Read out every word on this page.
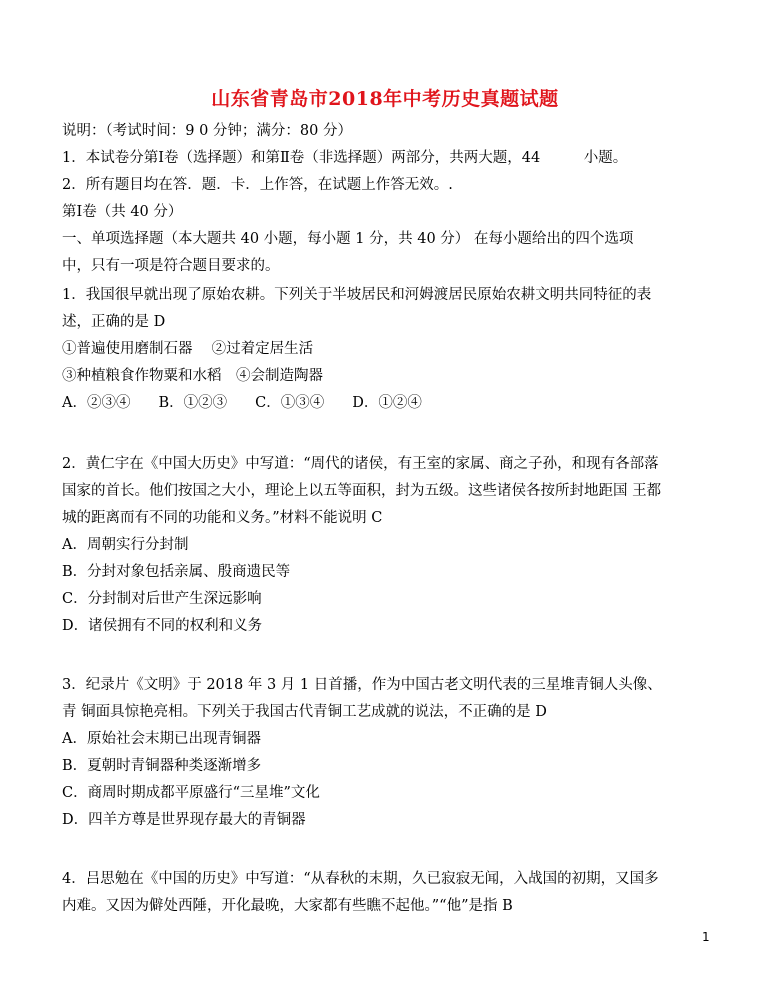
山东省青岛市2018年中考历史真题试题
说明：（考试时间：9 0 分钟；满分：80 分）
1．本试卷分第Ⅰ卷（选择题）和第Ⅱ卷（非选择题）两部分，共两大题，44　　　小题。
2．所有题目均在答．题．卡．上作答，在试题上作答无效。.
第Ⅰ卷（共 40 分）
一、单项选择题（本大题共 40 小题，每小题 1 分，共 40 分） 在每小题给出的四个选项
中，只有一项是符合题目要求的。
1．我国很早就出现了原始农耕。下列关于半坡居民和河姆渡居民原始农耕文明共同特征的表
述，正确的是 D
①普遍使用磨制石器　 ②过着定居生活
③种植粮食作物粟和水稻　④会制造陶器
A．②③④ B．①②③ C．①③④ D．①②④
2．黄仁宇在《中国大历史》中写道：“周代的诸侯，有王室的家属、商之子孙，和现有各部落
国家的首长。他们按国之大小，理论上以五等面积，封为五级。这些诸侯各按所封地距国 王都
城的距离而有不同的功能和义务。”材料不能说明 C
A．周朝实行分封制
B．分封对象包括亲属、殷商遗民等
C．分封制对后世产生深远影响
D．诸侯拥有不同的权利和义务
3．纪录片《文明》于 2018 年 3 月 1 日首播，作为中国古老文明代表的三星堆青铜人头像、
青 铜面具惊艳亮相。下列关于我国古代青铜工艺成就的说法，不正确的是 D
A．原始社会末期已出现青铜器
B．夏朝时青铜器种类逐渐增多
C．商周时期成都平原盛行“三星堆”文化
D．四羊方尊是世界现存最大的青铜器
4．吕思勉在《中国的历史》中写道：“从春秋的末期，久已寂寂无闻，入战国的初期，又国多
内难。又因为僻处西陲，开化最晚，大家都有些瞧不起他。”“他”是指 B
1
